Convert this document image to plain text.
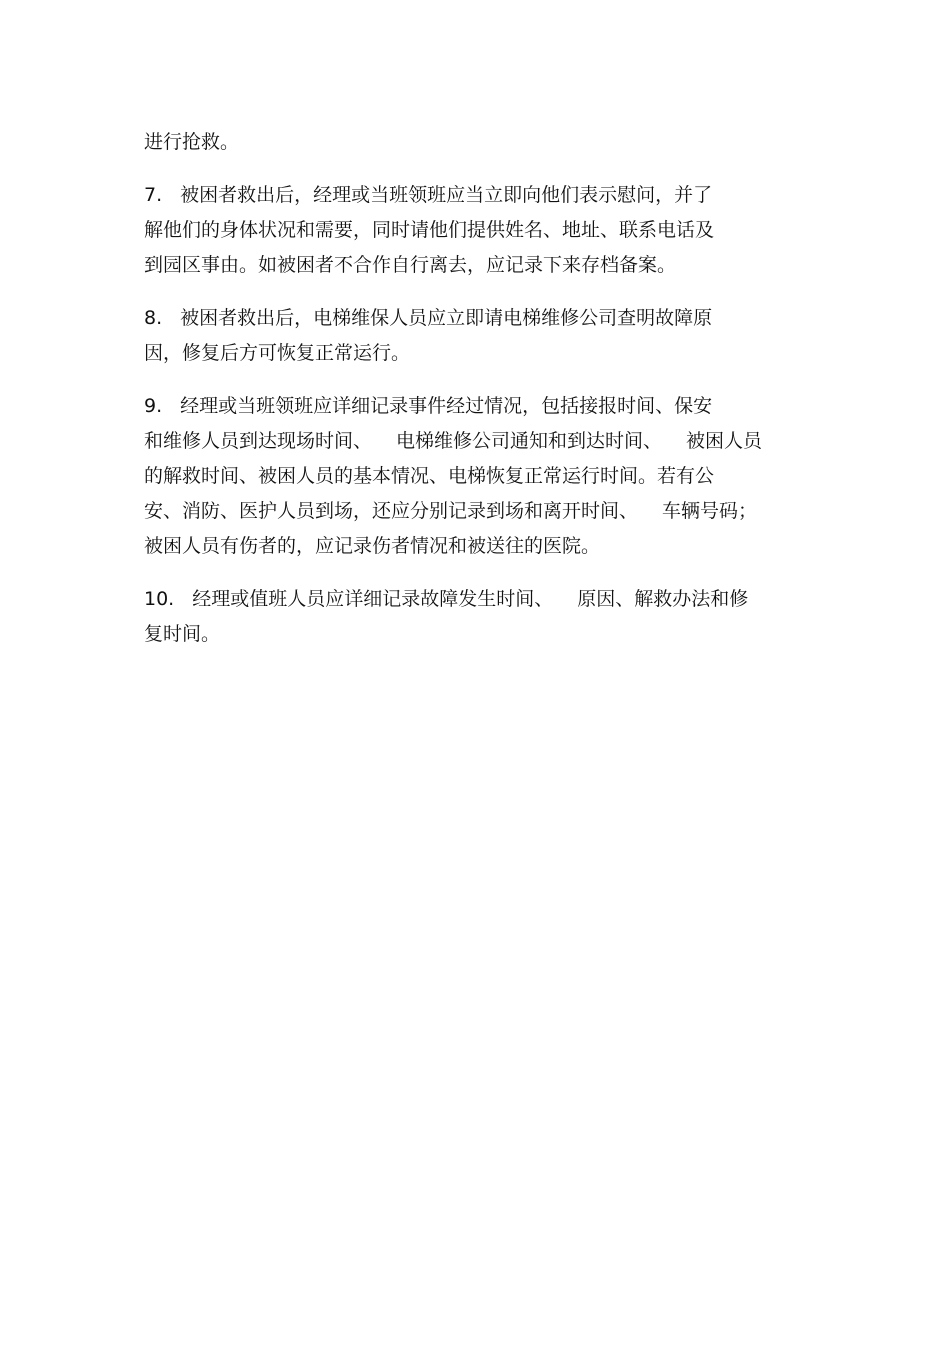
进行抢救。

7. 被困者救出后，经理或当班领班应当立即向他们表示慰问，并了
解他们的身体状况和需要，同时请他们提供姓名、地址、联系电话及
到园区事由。如被困者不合作自行离去，应记录下来存档备案。

8. 被困者救出后，电梯维保人员应立即请电梯维修公司查明故障原
因，修复后方可恢复正常运行。

9. 经理或当班领班应详细记录事件经过情况，包括接报时间、保安
和维修人员到达现场时间、 电梯维修公司通知和到达时间、 被困人员
的解救时间、被困人员的基本情况、电梯恢复正常运行时间。若有公
安、消防、医护人员到场，还应分别记录到场和离开时间、 车辆号码；
被困人员有伤者的，应记录伤者情况和被送往的医院。

10. 经理或值班人员应详细记录故障发生时间、 原因、解救办法和修
复时间。
